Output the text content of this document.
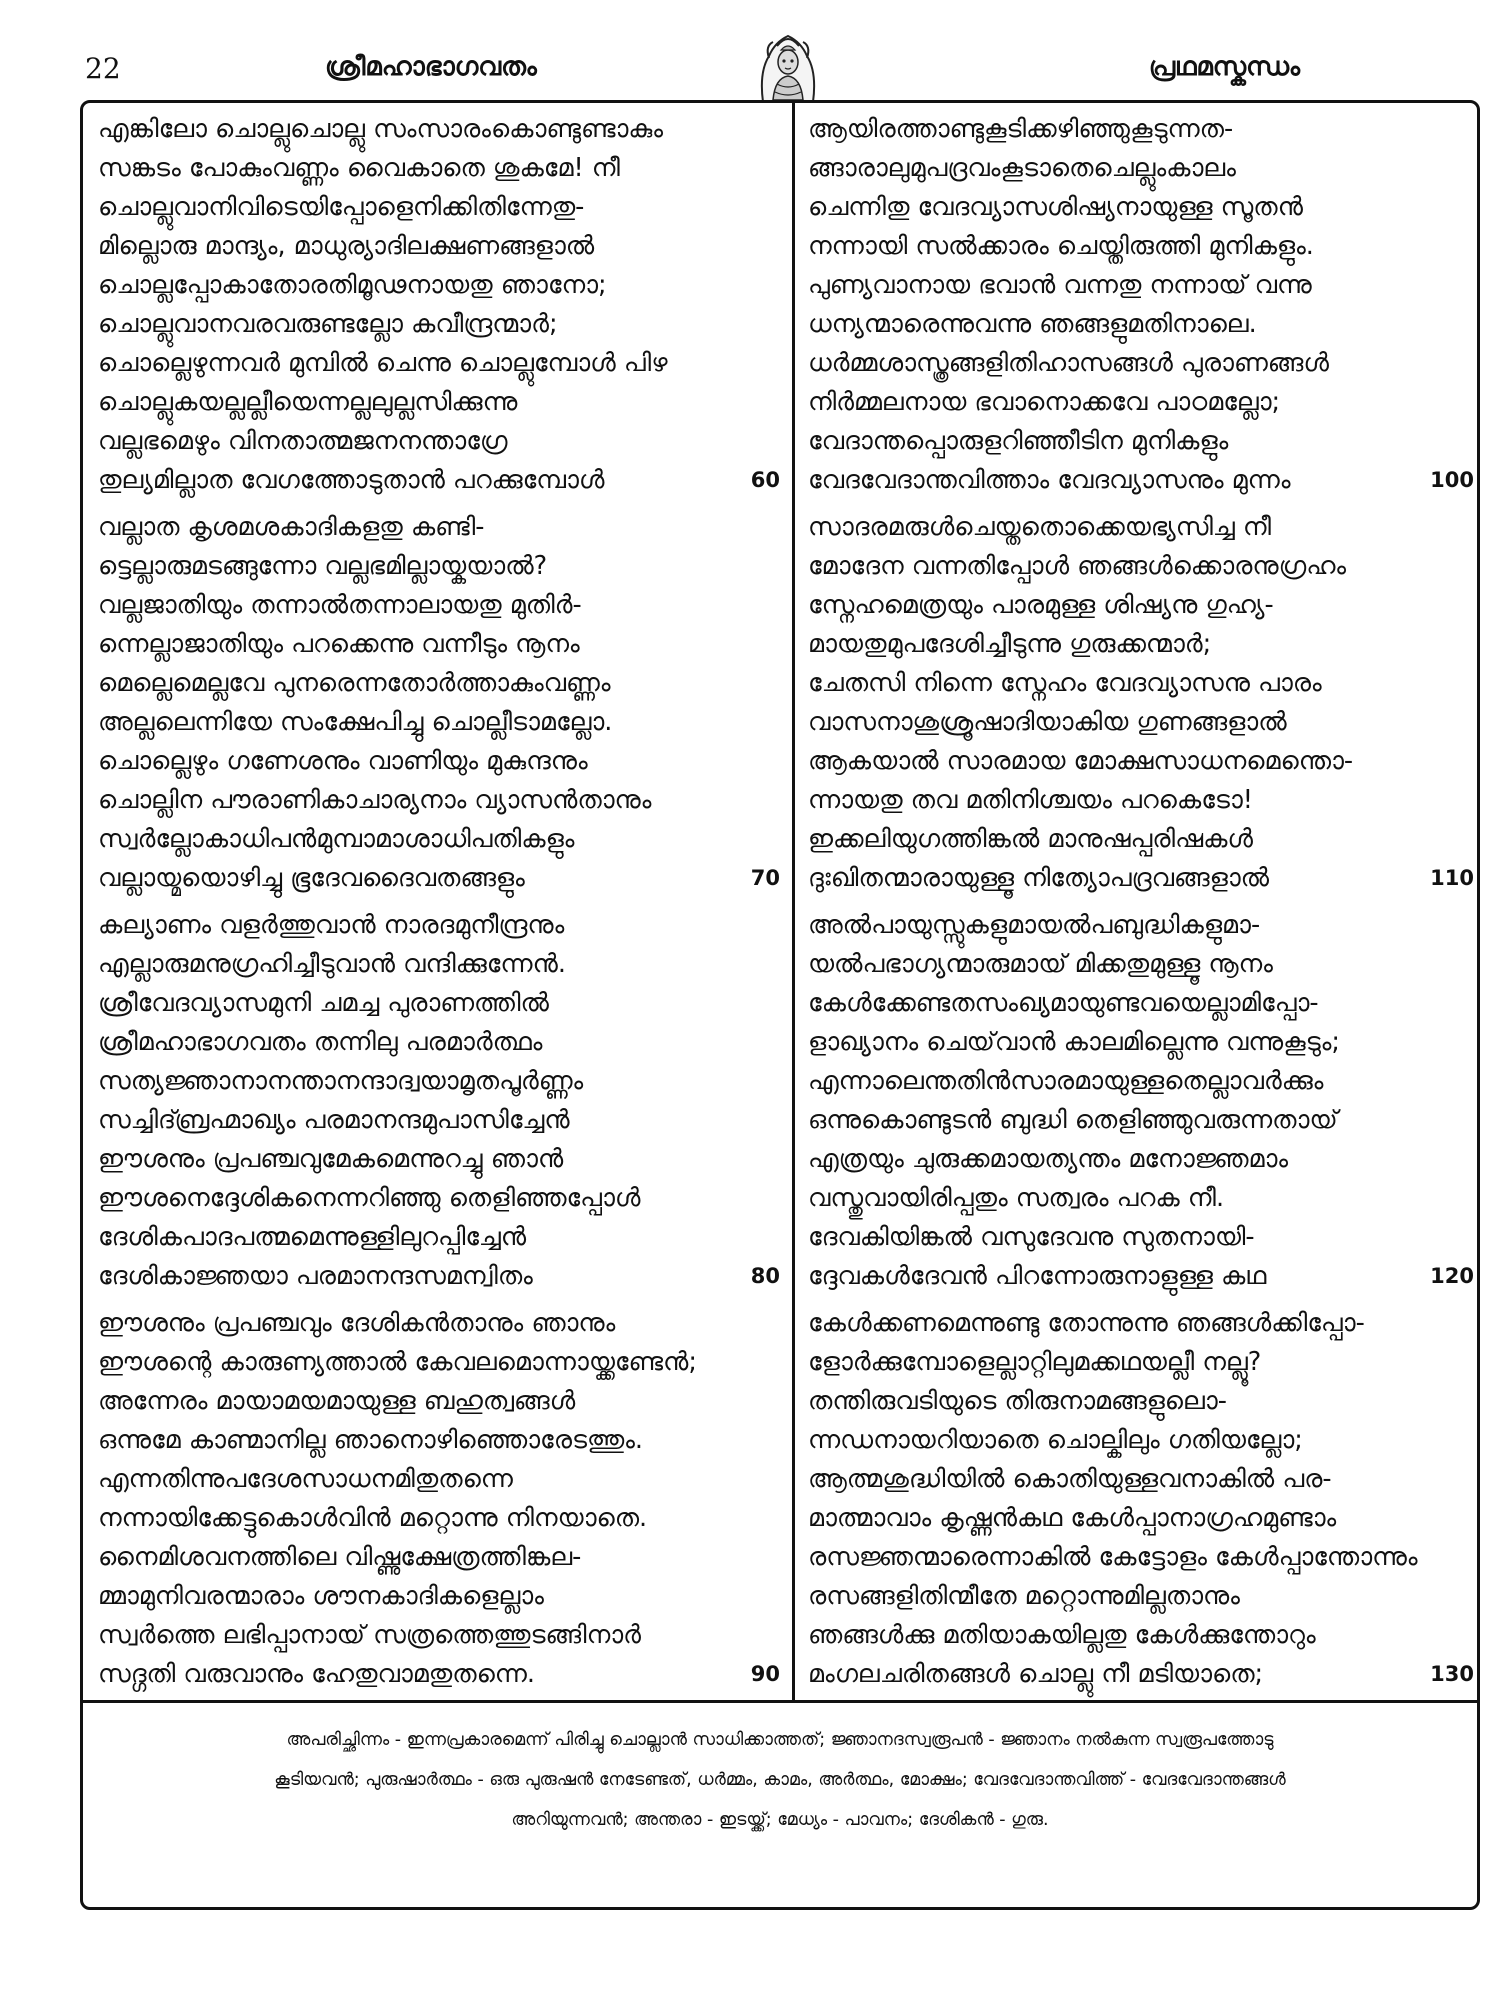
22	ശ്രീമഹാഭാഗവതം	പ്രഥമസ്കന്ധം
എങ്കിലോ ചൊല്ലുചൊല്ലു സംസാരംകൊണ്ടുണ്ടാകും
സങ്കടം പോകുംവണ്ണം വൈകാതെ ശുകമേ! നീ
ചൊല്ലുവാനിവിടെയിപ്പോളെനിക്കിതിന്നേതു-
മില്ലൊരു മാന്ദ്യം, മാധുര്യാദിലക്ഷണങ്ങളാൽ
ചൊല്ലപ്പോകാതോരതിമൂഢനായതു ഞാനോ;
ചൊല്ലുവാനവരവരുണ്ടല്ലോ കവീന്ദ്രന്മാർ;
ചൊല്ലെഴുന്നവർ മുമ്പിൽ ചെന്നു ചൊല്ലുമ്പോൾ പിഴ
ചൊല്ലുകയല്ലല്ലീയെന്നല്ലലുല്ലസിക്കുന്നു
വല്ലഭമെഴും വിനതാത്മജനനന്താഗ്രേ
തുല്യമില്ലാത വേഗത്തോടുതാൻ പറക്കുമ്പോൾ	60
വല്ലാത കൃശമശകാദികളതു കണ്ടി-
ട്ടെല്ലാരുമടങ്ങുന്നോ വല്ലഭമില്ലായ്കയാൽ?
വല്ലജാതിയും തന്നാൽതന്നാലായതു മുതിർ-
ന്നെല്ലാജാതിയും പറക്കെന്നു വന്നീടും നൂനം
മെല്ലെമെല്ലവേ പുനരെന്നതോർത്താകുംവണ്ണം
അല്ലലെന്നിയേ സംക്ഷേപിച്ചു ചൊല്ലീടാമല്ലോ.
ചൊല്ലെഴും ഗണേശനും വാണിയും മുകുന്ദനും
ചൊല്ലിന പൗരാണികാചാര്യനാം വ്യാസൻതാനും
സ്വർല്ലോകാധിപൻമുമ്പാമാശാധിപതികളും
വല്ലായ്മയൊഴിച്ചു ഭൂദേവദൈവതങ്ങളും	70
കല്യാണം വളർത്തുവാൻ നാരദമുനീന്ദ്രനും
എല്ലാരുമനുഗ്രഹിച്ചീടുവാൻ വന്ദിക്കുന്നേൻ.
ശ്രീവേദവ്യാസമുനി ചമച്ച പുരാണത്തിൽ
ശ്രീമഹാഭാഗവതം തന്നിലു പരമാർത്ഥം
സത്യജ്ഞാനാനന്താനന്ദാദ്വയാമൃതപൂർണ്ണം
സച്ചിദ്ബ്രഹ്മാഖ്യം പരമാനന്ദമുപാസിച്ചേൻ
ഈശനും പ്രപഞ്ചവുമേകമെന്നുറച്ചു ഞാൻ
ഈശനെദ്ദേശികനെന്നറിഞ്ഞു തെളിഞ്ഞപ്പോൾ
ദേശികപാദപത്മമെന്നുള്ളിലുറപ്പിച്ചേൻ
ദേശികാജ്ഞയാ പരമാനന്ദസമന്വിതം	80
ഈശനും പ്രപഞ്ചവും ദേശികൻതാനും ഞാനും
ഈശന്റെ കാരുണ്യത്താൽ കേവലമൊന്നായ്ക്കണ്ടേൻ;
അന്നേരം മായാമയമായുള്ള ബഹുത്വങ്ങൾ
ഒന്നുമേ കാണ്മാനില്ല ഞാനൊഴിഞ്ഞൊരേടത്തും.
എന്നതിന്നുപദേശസാധനമിതുതന്നെ
നന്നായിക്കേട്ടുകൊൾവിൻ മറ്റൊന്നു നിനയാതെ.
നൈമിശവനത്തിലെ വിഷ്ണുക്ഷേത്രത്തിങ്കല-
മ്മാമുനിവരന്മാരാം ശൗനകാദികളെല്ലാം
സ്വർത്തെ ലഭിപ്പാനായ് സത്രത്തെത്തുടങ്ങിനാർ
സദ്ഗതി വരുവാനും ഹേതുവാമതുതന്നെ.	90
ആയിരത്താണ്ടുകൂടിക്കഴിഞ്ഞുകൂടുന്നത-
ങ്ങാരാലുമുപദ്രവംകൂടാതെചെല്ലുംകാലം
ചെന്നിതു വേദവ്യാസശിഷ്യനായുള്ള സൂതൻ
നന്നായി സൽക്കാരം ചെയ്തിരുത്തി മുനികളും.
പുണ്യവാനായ ഭവാൻ വന്നതു നന്നായ് വന്നു
ധന്യന്മാരെന്നുവന്നു ഞങ്ങളുമതിനാലെ.
ധർമ്മശാസ്ത്രങ്ങളിതിഹാസങ്ങൾ പുരാണങ്ങൾ
നിർമ്മലനായ ഭവാനൊക്കവേ പാഠമല്ലോ;
വേദാന്തപ്പൊരുളറിഞ്ഞീടിന മുനികളും
വേദവേദാന്തവിത്താം വേദവ്യാസനും മുന്നം	100
സാദരമരുൾചെയ്തതൊക്കെയഭ്യസിച്ച നീ
മോദേന വന്നതിപ്പോൾ ഞങ്ങൾക്കൊരനുഗ്രഹം
സ്നേഹമെത്രയും പാരമുള്ള ശിഷ്യനു ഗുഹ്യ-
മായതുമുപദേശിച്ചീടുന്നു ഗുരുക്കന്മാർ;
ചേതസി നിന്നെ സ്നേഹം വേദവ്യാസനു പാരം
വാസനാശുശ്രൂഷാദിയാകിയ ഗുണങ്ങളാൽ
ആകയാൽ സാരമായ മോക്ഷസാധനമെന്തൊ-
ന്നായതു തവ മതിനിശ്ചയം പറകെടോ!
ഇക്കലിയുഗത്തിങ്കൽ മാനുഷപ്പരിഷകൾ
ദുഃഖിതന്മാരായുള്ളൂ നിത്യോപദ്രവങ്ങളാൽ	110
അൽപായുസ്സുകളുമായൽപബുദ്ധികളുമാ-
യൽപഭാഗ്യന്മാരുമായ് മിക്കതുമുള്ളൂ നൂനം
കേൾക്കേണ്ടതസംഖ്യമായുണ്ടവയെല്ലാമിപ്പോ-
ളാഖ്യാനം ചെയ്‌വാൻ കാലമില്ലെന്നു വന്നുകൂടും;
എന്നാലെന്തതിൻസാരമായുള്ളതെല്ലാവർക്കും
ഒന്നുകൊണ്ടുടൻ ബുദ്ധി തെളിഞ്ഞുവരുന്നതായ്
എത്രയും ചുരുക്കമായത്യന്തം മനോജ്ഞമാം
വസ്തുവായിരിപ്പതും സത്വരം പറക നീ.
ദേവകിയിങ്കൽ വസുദേവനു സുതനായി-
ദ്ദേവകൾദേവൻ പിറന്നോരുനാളുള്ള കഥ	120
കേൾക്കണമെന്നുണ്ടു തോന്നുന്നു ഞങ്ങൾക്കിപ്പോ-
ളോർക്കുമ്പോളെല്ലാറ്റിലുമക്കഥയല്ലീ നല്ലൂ?
തന്തിരുവടിയുടെ തിരുനാമങ്ങളുലൊ-
ന്നഡനായറിയാതെ ചൊല്കിലും ഗതിയല്ലോ;
ആത്മശുദ്ധിയിൽ കൊതിയുള്ളവനാകിൽ പര-
മാത്മാവാം കൃഷ്ണൻകഥ കേൾപ്പാനാഗ്രഹമുണ്ടാം
രസജ്ഞന്മാരെന്നാകിൽ കേട്ടോളം കേൾപ്പാന്തോന്നും
രസങ്ങളിതിന്മീതേ മറ്റൊന്നുമില്ലതാനും
ഞങ്ങൾക്കു മതിയാകയില്ലതു കേൾക്കുന്തോറും
മംഗലചരിതങ്ങൾ ചൊല്ലു നീ മടിയാതെ;	130
അപരിച്ഛിന്നം - ഇന്നപ്രകാരമെന്ന് പിരിച്ചു ചൊല്ലാൻ സാധിക്കാത്തത്; ജ്ഞാനദസ്വരൂപൻ - ജ്ഞാനം നൽകുന്ന സ്വരൂപത്തോടു
കൂടിയവൻ; പുരുഷാർത്ഥം - ഒരു പുരുഷൻ നേടേണ്ടത്, ധർമ്മം, കാമം, അർത്ഥം, മോക്ഷം; വേദവേദാന്തവിത്ത് - വേദവേദാന്തങ്ങൾ
അറിയുന്നവൻ; അന്തരാ - ഇടയ്ക്ക്; മേധ്യം - പാവനം; ദേശികൻ - ഗുരു.
